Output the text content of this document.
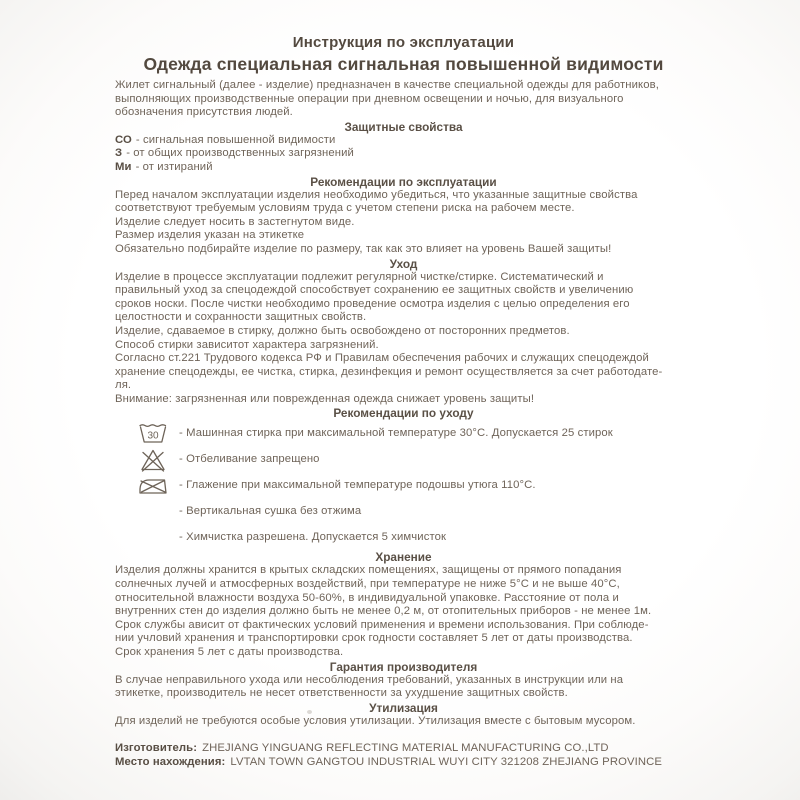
Инструкция по эксплуатации

Одежда специальная сигнальная повышенной видимости

Жилет сигнальный (далее - изделие) предназначен в качестве специальной одежды для работников,

выполняющих производственные операции при дневном освещении и ночью, для визуального

обозначения присутствия людей.

Защитные свойства

СО - сигнальная повышенной видимости

З - от общих производственных загрязнений

Ми - от изтираний

Рекомендации по эксплуатации

Перед началом эксплуатации изделия необходимо убедиться, что указанные защитные свойства

соответствуют требуемым условиям труда с учетом степени риска на рабочем месте.

Изделие следует носить в застегнутом виде.

Размер изделия указан на этикетке

Обязательно подбирайте изделие по размеру, так как это влияет на уровень Вашей защиты!

Уход

Изделие в процессе эксплуатации подлежит регулярной чистке/стирке. Систематический и

правильный уход за спецодеждой способствует сохранению ее защитных свойств и увеличению

сроков носки. После чистки необходимо проведение осмотра изделия с целью определения его

целостности и сохранности защитных свойств.

Изделие, сдаваемое в стирку, должно быть освобождено от посторонних предметов.

Способ стирки зависитот характера загрязнений.

Согласно ст.221 Трудового кодекса РФ и Правилам обеспечения рабочих и служащих спецодеждой

хранение спецодежды, ее чистка, стирка, дезинфекция и ремонт осуществляется за счет работодате-

ля.

Внимание: загрязненная или поврежденная одежда снижает уровень защиты!

Рекомендации по уходу

30 - Машинная стирка при максимальной температуре 30°С. Допускается 25 стирок
- Отбеливание запрещено
- Глажение при максимальной температуре подошвы утюга 110°С.
- Вертикальная сушка без отжима
- Химчистка разрешена. Допускается 5 химчисток

Хранение

Изделия должны хранится в крытых складских помещениях, защищены от прямого попадания

солнечных лучей и атмосферных воздействий, при температуре не ниже 5°С и не выше 40°С,

относительной влажности воздуха 50-60%, в индивидуальной упаковке. Расстояние от пола и

внутренних стен до изделия должно быть не менее 0,2 м, от отопительных приборов - не менее 1м.

Срок службы ависит от фактических условий применения и времени использования. При соблюде-

нии учловий хранения и транспортировки срок годности составляет 5 лет от даты производства.

Срок хранения 5 лет с даты производства.

Гарантия производителя

В случае неправильного ухода или несоблюдения требований, указанных в инструкции или на

этикетке, производитель не несет ответственности за ухудшение защитных свойств.

Утилизация

Для изделий не требуются особые условия утилизации. Утилизация вместе с бытовым мусором.

Изготовитель: ZHEJIANG YINGUANG REFLECTING MATERIAL MANUFACTURING CO.,LTD

Место нахождения: LVTAN TOWN GANGTOU INDUSTRIAL WUYI CITY 321208 ZHEJIANG PROVINCE
